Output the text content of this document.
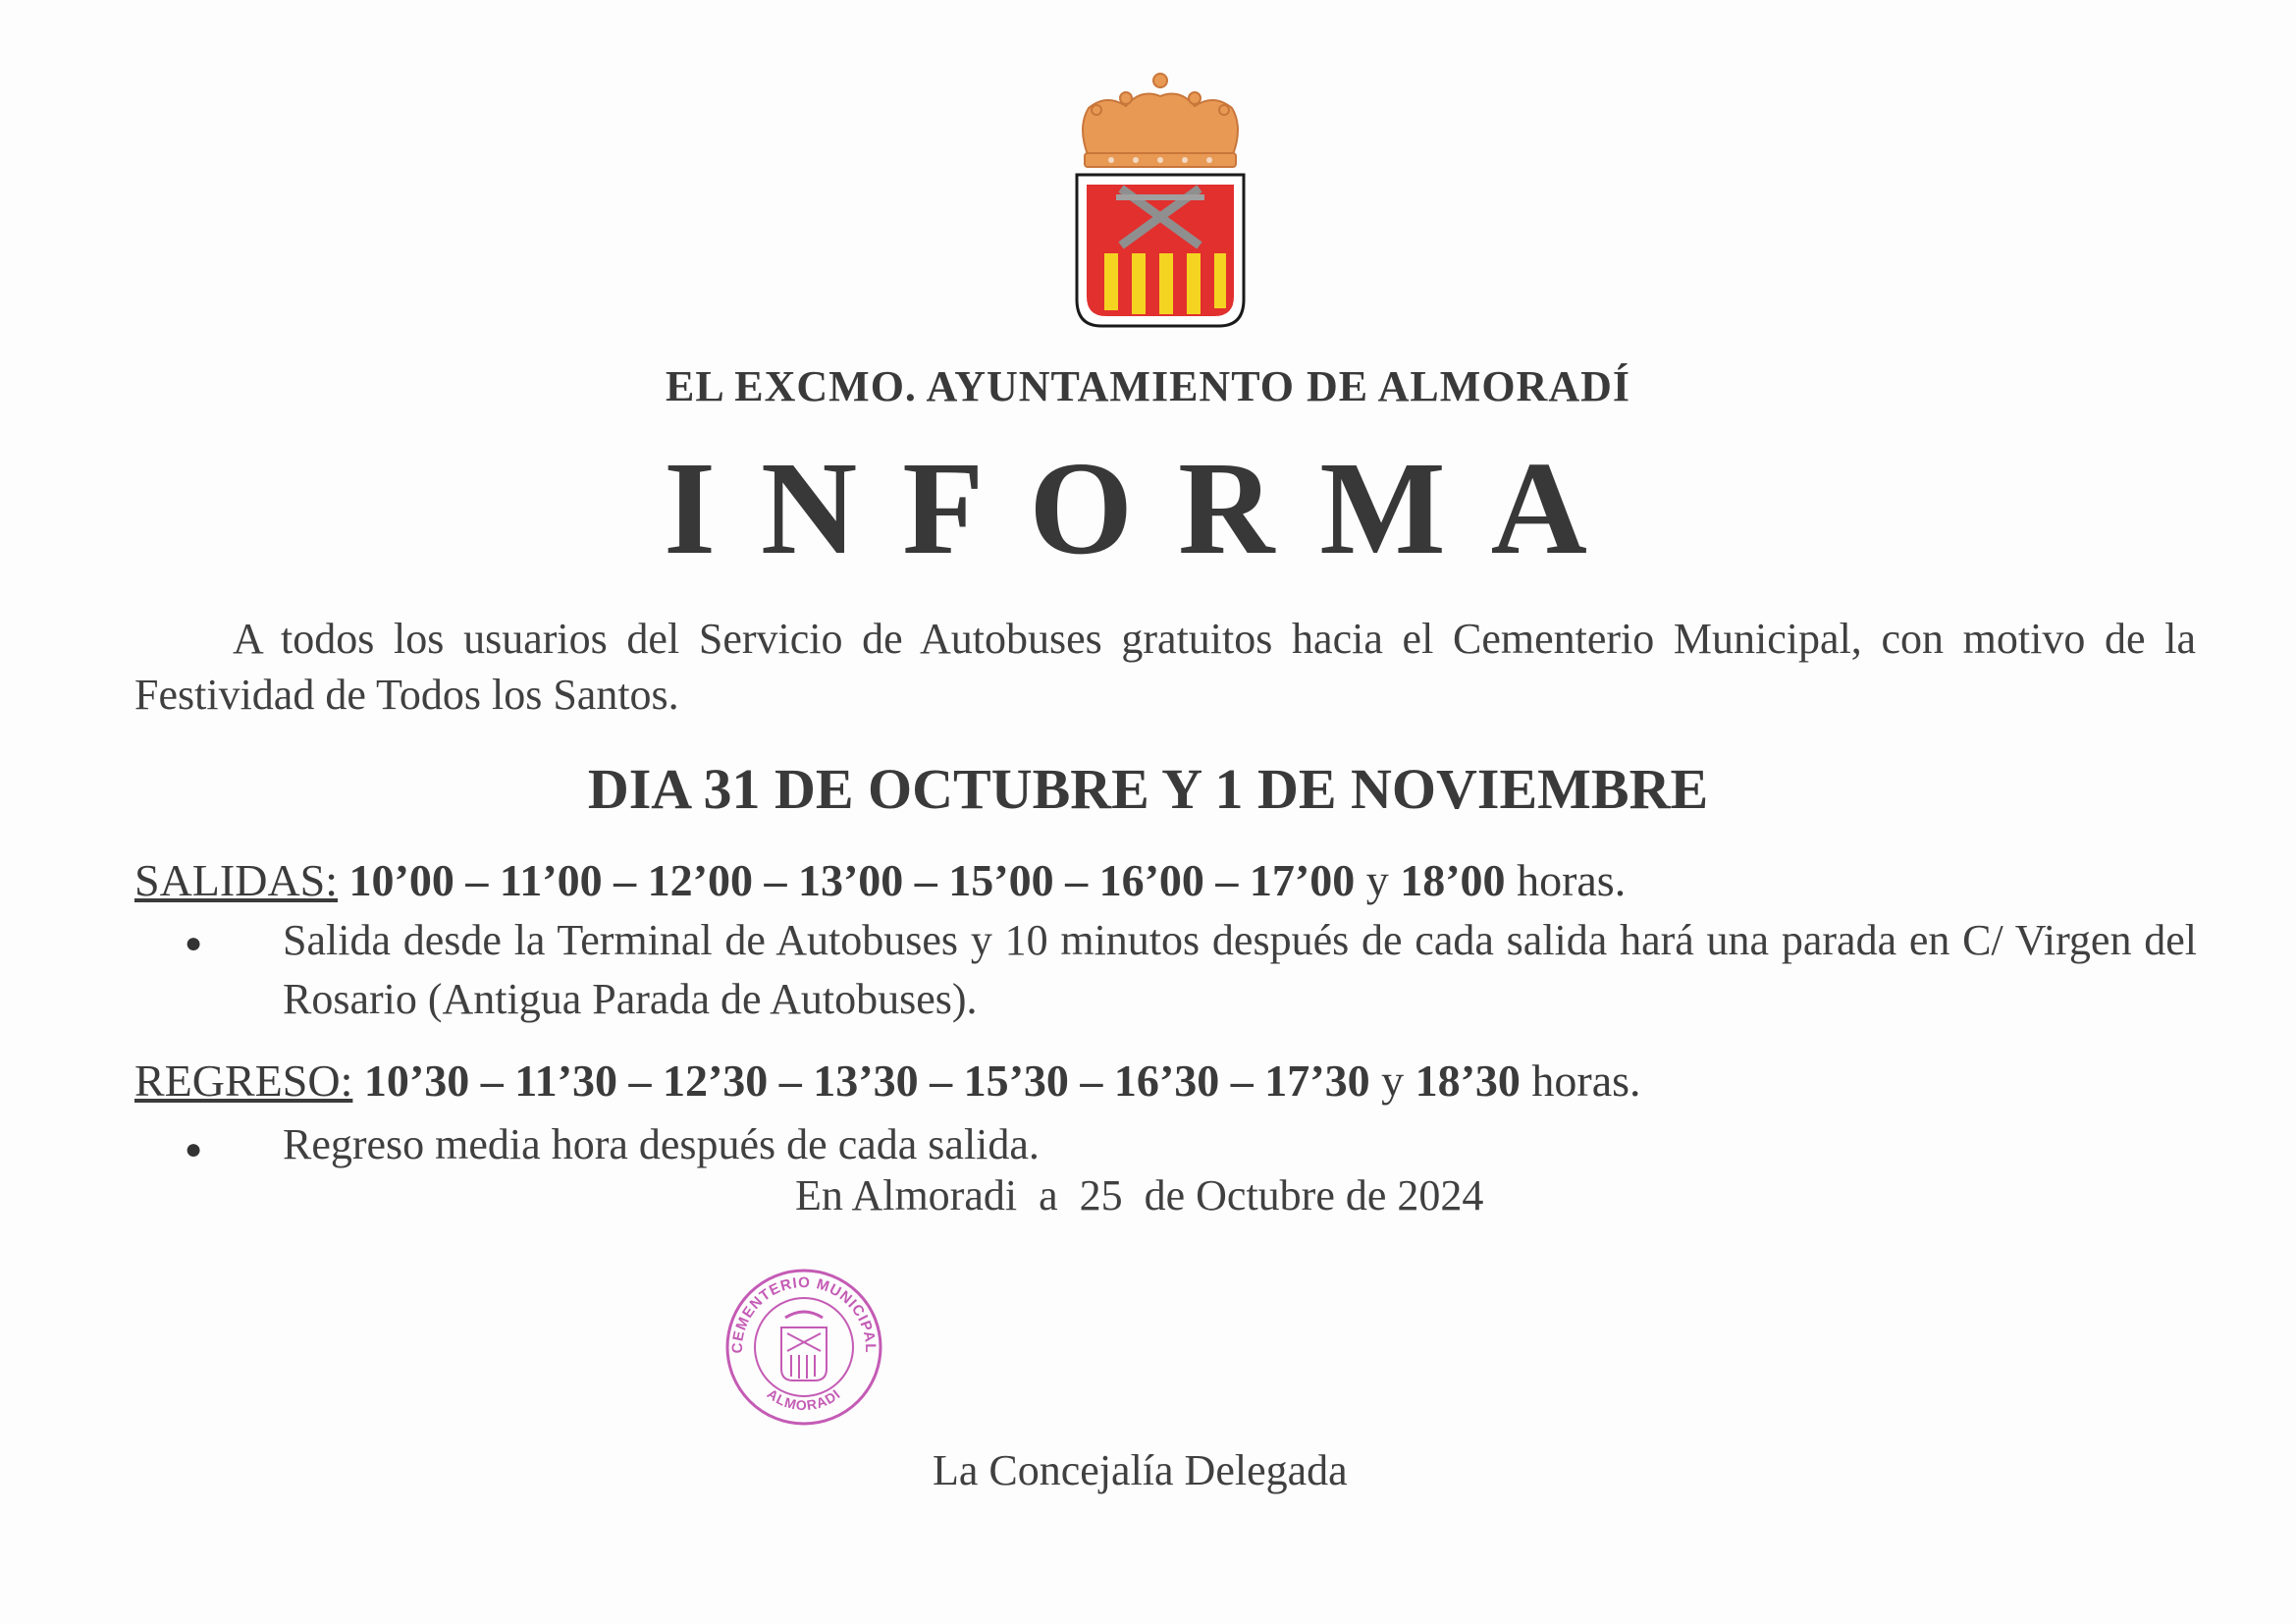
EL EXCMO. AYUNTAMIENTO DE ALMORADÍ
INFORMA
A todos los usuarios del Servicio de Autobuses gratuitos hacia el Cementerio Municipal, con motivo de la Festividad de Todos los Santos.
DIA 31 DE OCTUBRE Y 1 DE NOVIEMBRE
SALIDAS: 10’00 – 11’00 – 12’00 – 13’00 – 15’00 – 16’00 – 17’00 y 18’00 horas.
● Salida desde la Terminal de Autobuses y 10 minutos después de cada salida hará una parada en C/ Virgen del Rosario (Antigua Parada de Autobuses).
REGRESO: 10’30 – 11’30 – 12’30 – 13’30 – 15’30 – 16’30 – 17’30 y 18’30 horas.
● Regreso media hora después de cada salida.
En Almoradi  a  25  de Octubre de 2024
CEMENTERIO MUNICIPAL
ALMORADI
La Concejalía Delegada
